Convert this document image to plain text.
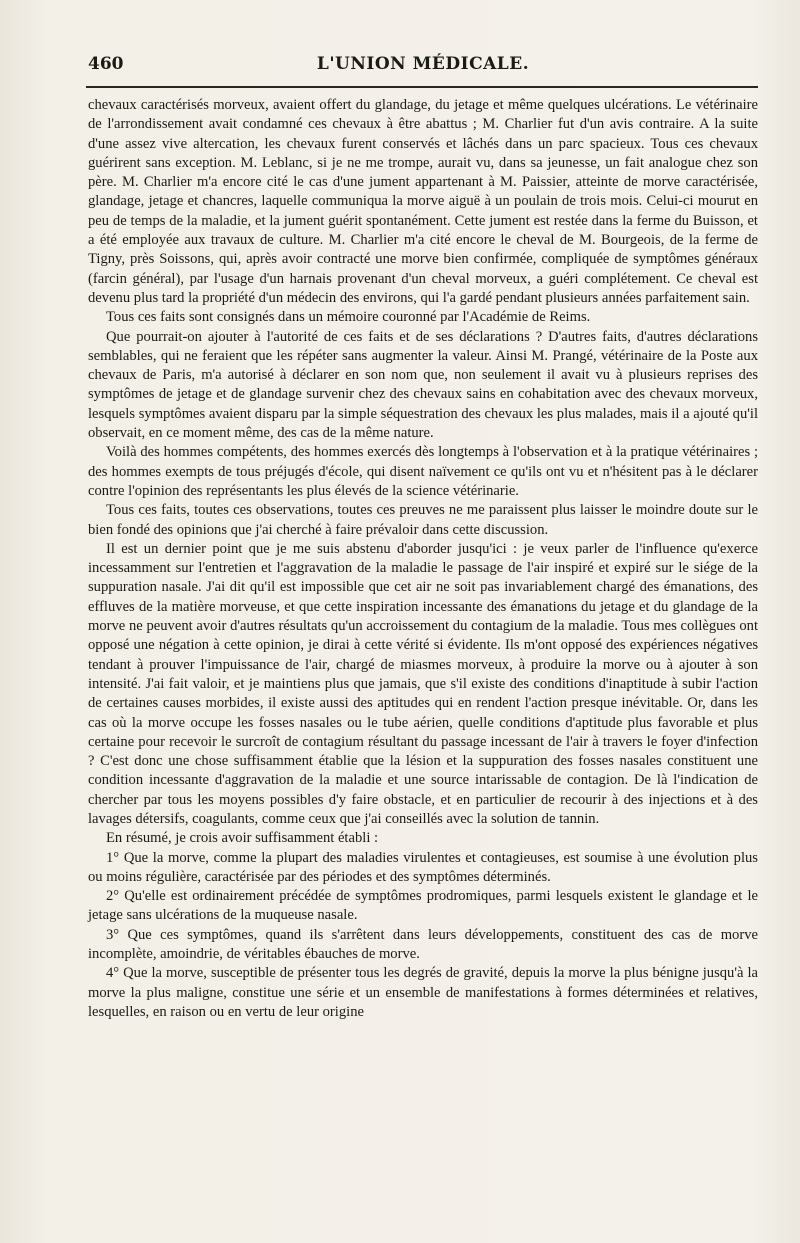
460	L'UNION MÉDICALE.

chevaux caractérisés morveux, avaient offert du glandage, du jetage et même quelques ulcérations. Le vétérinaire de l'arrondissement avait condamné ces chevaux à être abattus ; M. Charlier fut d'un avis contraire. A la suite d'une assez vive altercation, les chevaux furent conservés et lâchés dans un parc spacieux. Tous ces chevaux guérirent sans exception. M. Leblanc, si je ne me trompe, aurait vu, dans sa jeunesse, un fait analogue chez son père. M. Charlier m'a encore cité le cas d'une jument appartenant à M. Paissier, atteinte de morve caractérisée, glandage, jetage et chancres, laquelle communiqua la morve aiguë à un poulain de trois mois. Celui-ci mourut en peu de temps de la maladie, et la jument guérit spontanément. Cette jument est restée dans la ferme du Buisson, et a été employée aux travaux de culture. M. Charlier m'a cité encore le cheval de M. Bourgeois, de la ferme de Tigny, près Soissons, qui, après avoir contracté une morve bien confirmée, compliquée de symptômes généraux (farcin général), par l'usage d'un harnais provenant d'un cheval morveux, a guéri complétement. Ce cheval est devenu plus tard la propriété d'un médecin des environs, qui l'a gardé pendant plusieurs années parfaitement sain.

Tous ces faits sont consignés dans un mémoire couronné par l'Académie de Reims.

Que pourrait-on ajouter à l'autorité de ces faits et de ses déclarations ? D'autres faits, d'autres déclarations semblables, qui ne feraient que les répéter sans augmenter la valeur. Ainsi M. Prangé, vétérinaire de la Poste aux chevaux de Paris, m'a autorisé à déclarer en son nom que, non seulement il avait vu à plusieurs reprises des symptômes de jetage et de glandage survenir chez des chevaux sains en cohabitation avec des chevaux morveux, lesquels symptômes avaient disparu par la simple séquestration des chevaux les plus malades, mais il a ajouté qu'il observait, en ce moment même, des cas de la même nature.

Voilà des hommes compétents, des hommes exercés dès longtemps à l'observation et à la pratique vétérinaires ; des hommes exempts de tous préjugés d'école, qui disent naïvement ce qu'ils ont vu et n'hésitent pas à le déclarer contre l'opinion des représentants les plus élevés de la science vétérinarie.

Tous ces faits, toutes ces observations, toutes ces preuves ne me paraissent plus laisser le moindre doute sur le bien fondé des opinions que j'ai cherché à faire prévaloir dans cette discussion.

Il est un dernier point que je me suis abstenu d'aborder jusqu'ici : je veux parler de l'influence qu'exerce incessamment sur l'entretien et l'aggravation de la maladie le passage de l'air inspiré et expiré sur le siége de la suppuration nasale. J'ai dit qu'il est impossible que cet air ne soit pas invariablement chargé des émanations, des effluves de la matière morveuse, et que cette inspiration incessante des émanations du jetage et du glandage de la morve ne peuvent avoir d'autres résultats qu'un accroissement du contagium de la maladie. Tous mes collègues ont opposé une négation à cette opinion, je dirai à cette vérité si évidente. Ils m'ont opposé des expériences négatives tendant à prouver l'impuissance de l'air, chargé de miasmes morveux, à produire la morve ou à ajouter à son intensité. J'ai fait valoir, et je maintiens plus que jamais, que s'il existe des conditions d'inaptitude à subir l'action de certaines causes morbides, il existe aussi des aptitudes qui en rendent l'action presque inévitable. Or, dans les cas où la morve occupe les fosses nasales ou le tube aérien, quelle conditions d'aptitude plus favorable et plus certaine pour recevoir le surcroît de contagium résultant du passage incessant de l'air à travers le foyer d'infection ? C'est donc une chose suffisamment établie que la lésion et la suppuration des fosses nasales constituent une condition incessante d'aggravation de la maladie et une source intarissable de contagion. De là l'indication de chercher par tous les moyens possibles d'y faire obstacle, et en particulier de recourir à des injections et à des lavages détersifs, coagulants, comme ceux que j'ai conseillés avec la solution de tannin.

En résumé, je crois avoir suffisamment établi :

1° Que la morve, comme la plupart des maladies virulentes et contagieuses, est soumise à une évolution plus ou moins régulière, caractérisée par des périodes et des symptômes déterminés.

2° Qu'elle est ordinairement précédée de symptômes prodromiques, parmi lesquels existent le glandage et le jetage sans ulcérations de la muqueuse nasale.

3° Que ces symptômes, quand ils s'arrêtent dans leurs développements, constituent des cas de morve incomplète, amoindrie, de véritables ébauches de morve.

4° Que la morve, susceptible de présenter tous les degrés de gravité, depuis la morve la plus bénigne jusqu'à la morve la plus maligne, constitue une série et un ensemble de manifestations à formes déterminées et relatives, lesquelles, en raison ou en vertu de leur origine
